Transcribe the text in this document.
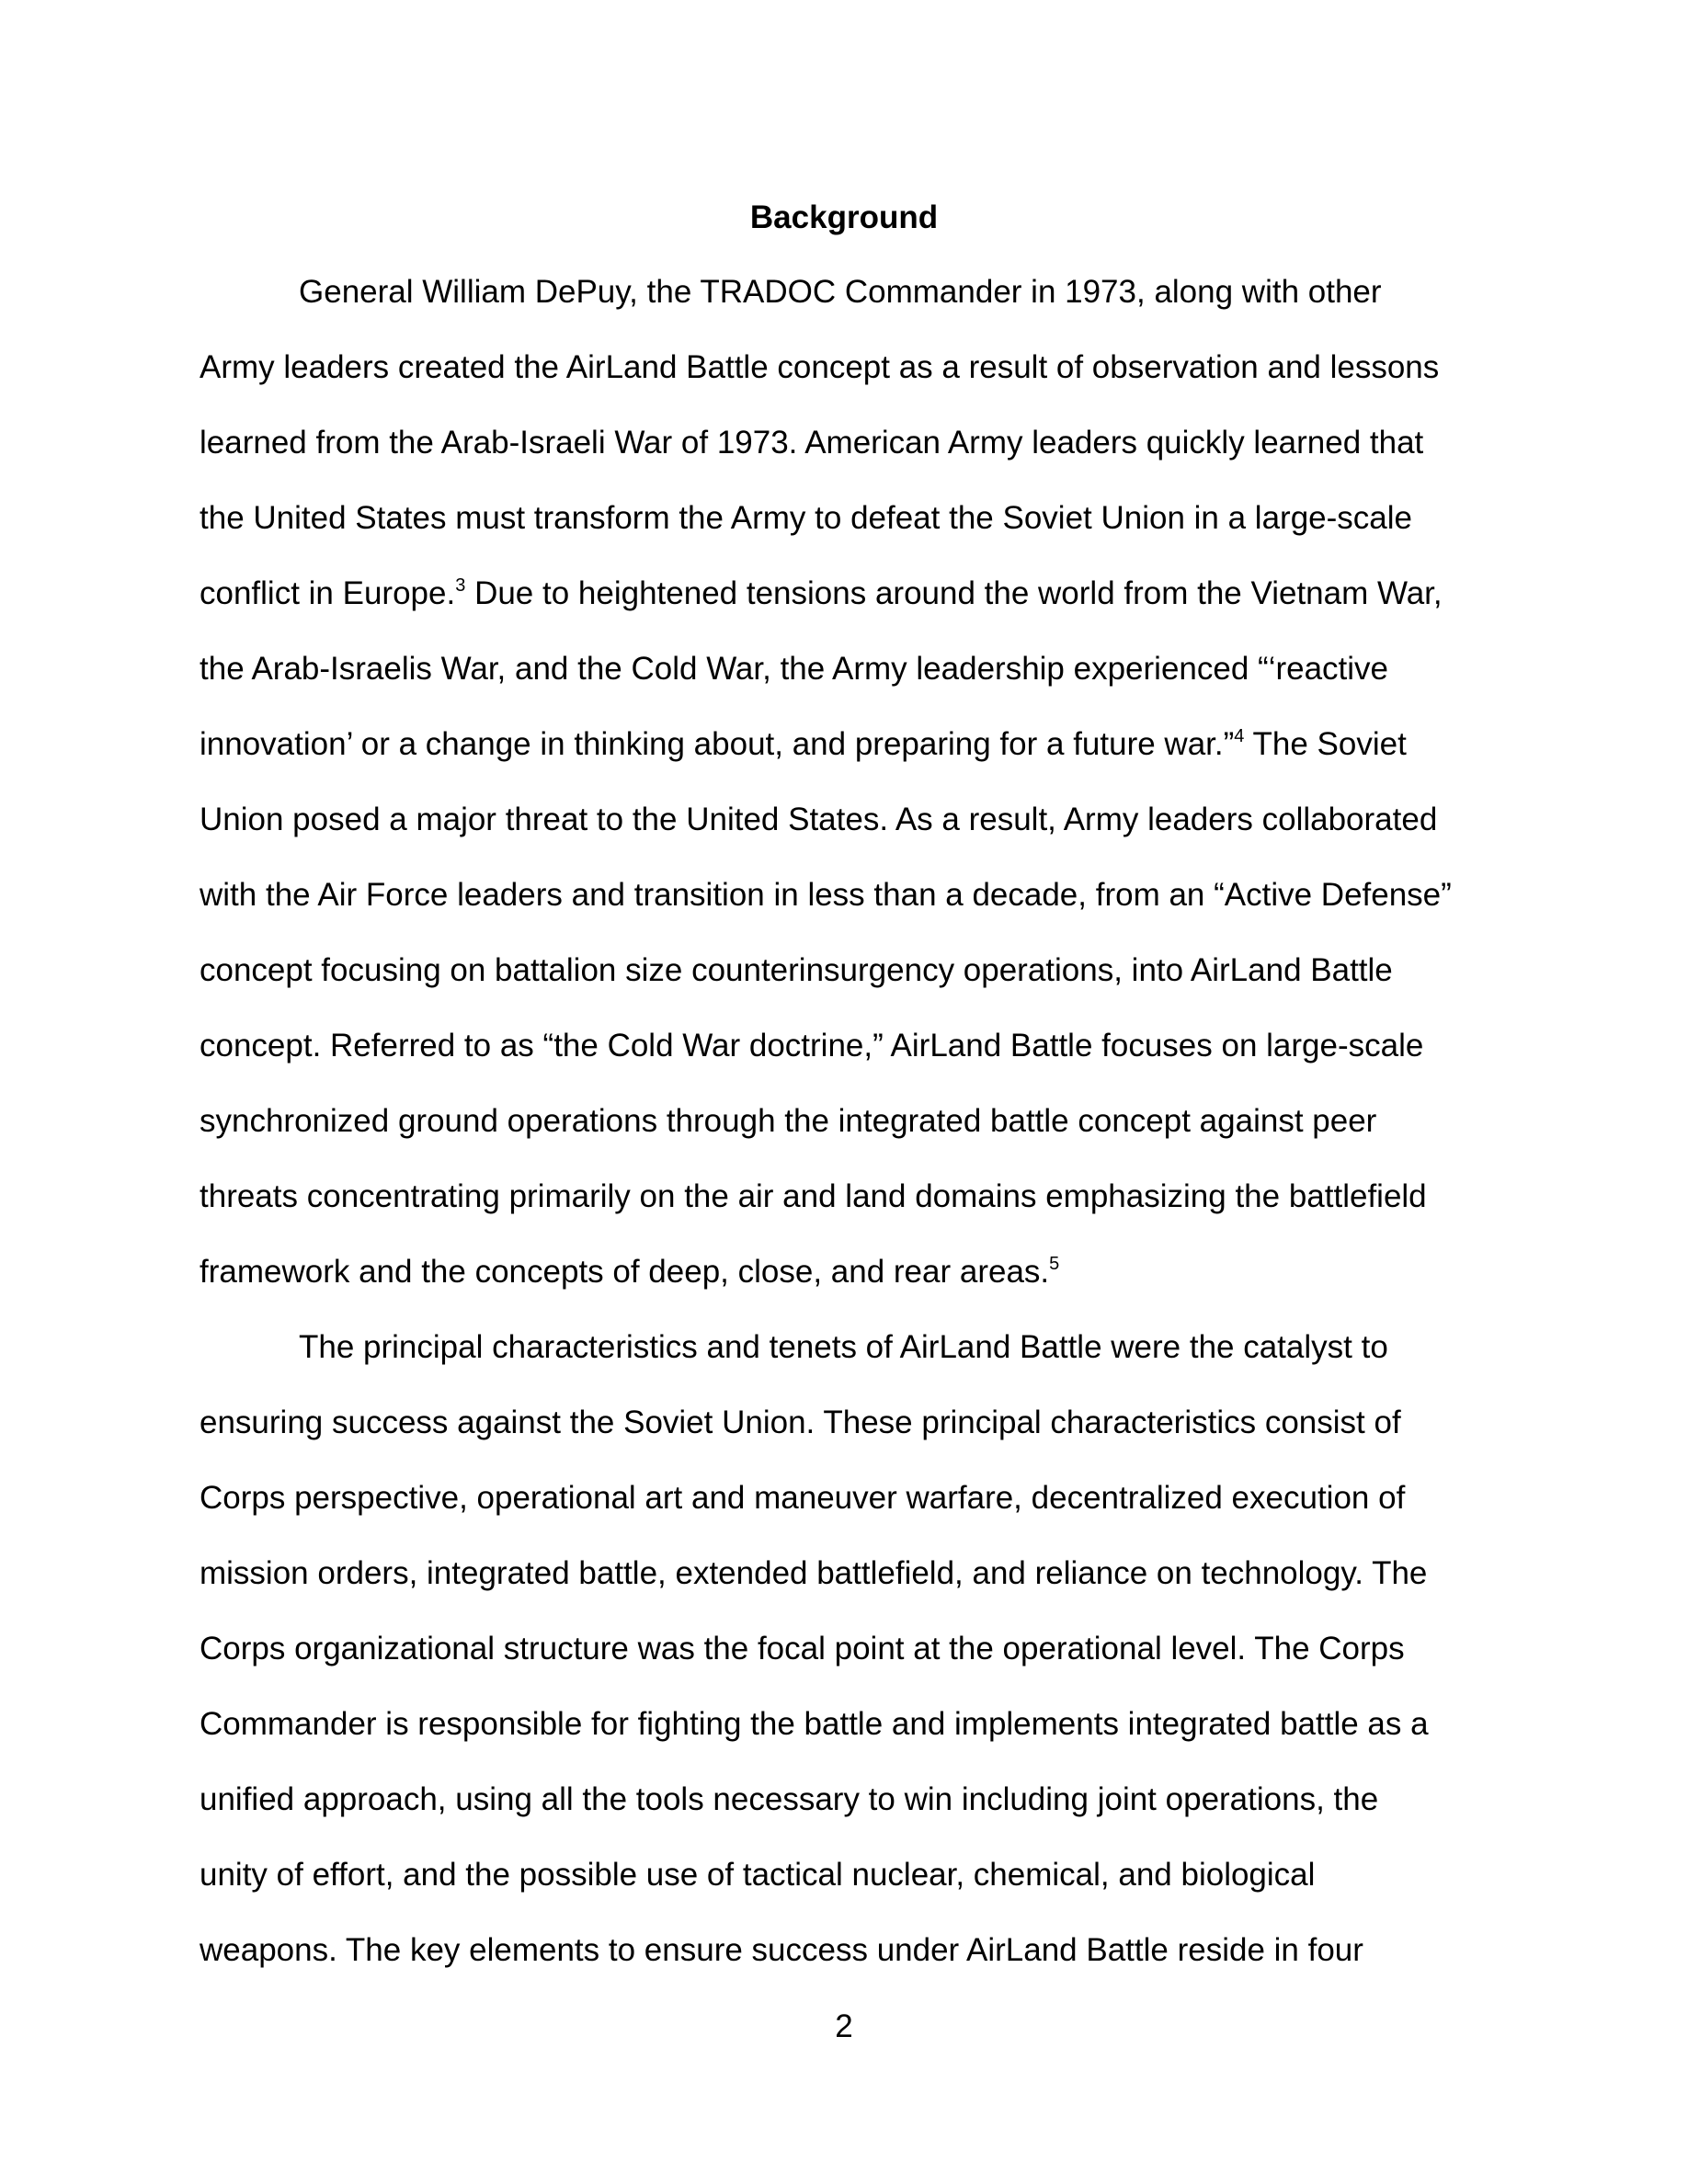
Background

General William DePuy, the TRADOC Commander in 1973, along with other

Army leaders created the AirLand Battle concept as a result of observation and lessons

learned from the Arab-Israeli War of 1973. American Army leaders quickly learned that

the United States must transform the Army to defeat the Soviet Union in a large-scale

conflict in Europe.$^3$ Due to heightened tensions around the world from the Vietnam War,

the Arab-Israelis War, and the Cold War, the Army leadership experienced “‘reactive

innovation’ or a change in thinking about, and preparing for a future war.”$^4$ The Soviet

Union posed a major threat to the United States. As a result, Army leaders collaborated

with the Air Force leaders and transition in less than a decade, from an “Active Defense”

concept focusing on battalion size counterinsurgency operations, into AirLand Battle

concept. Referred to as “the Cold War doctrine,” AirLand Battle focuses on large-scale

synchronized ground operations through the integrated battle concept against peer

threats concentrating primarily on the air and land domains emphasizing the battlefield

framework and the concepts of deep, close, and rear areas.$^5$

The principal characteristics and tenets of AirLand Battle were the catalyst to

ensuring success against the Soviet Union. These principal characteristics consist of

Corps perspective, operational art and maneuver warfare, decentralized execution of

mission orders, integrated battle, extended battlefield, and reliance on technology. The

Corps organizational structure was the focal point at the operational level. The Corps

Commander is responsible for fighting the battle and implements integrated battle as a

unified approach, using all the tools necessary to win including joint operations, the

unity of effort, and the possible use of tactical nuclear, chemical, and biological

weapons. The key elements to ensure success under AirLand Battle reside in four

2
